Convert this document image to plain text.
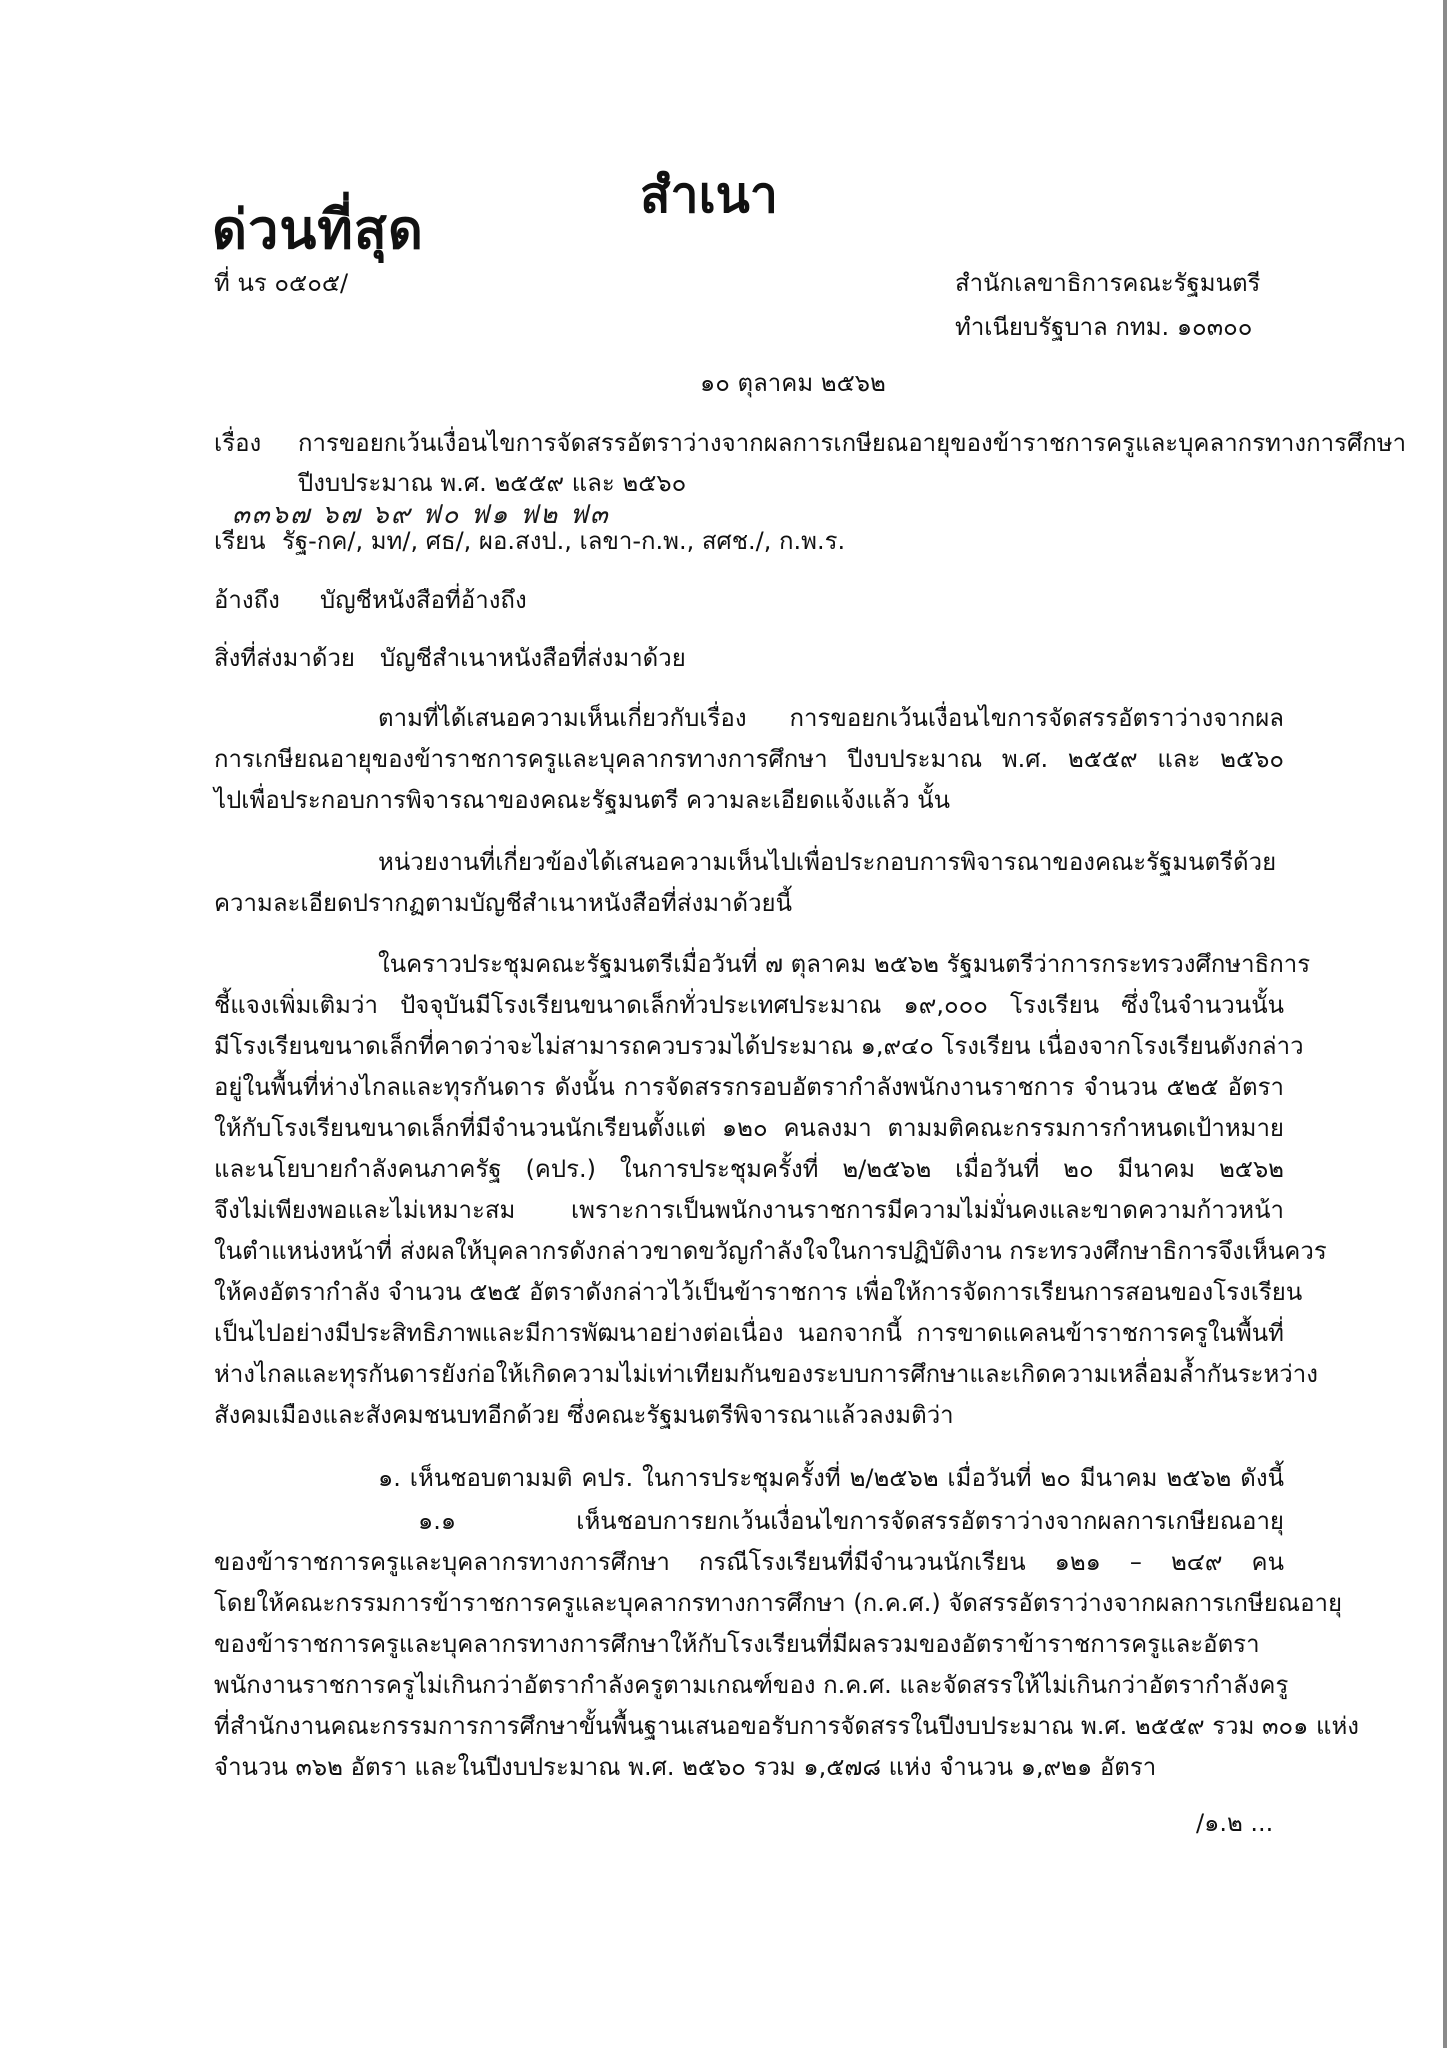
ด่วนที่สุด
สำเนา
ที่ นร ๐๕๐๕/	สำนักเลขาธิการคณะรัฐมนตรี
ทำเนียบรัฐบาล กทม. ๑๐๓๐๐
๑๐ ตุลาคม ๒๕๖๒
เรื่อง การขอยกเว้นเงื่อนไขการจัดสรรอัตราว่างจากผลการเกษียณอายุของข้าราชการครูและบุคลากรทางการศึกษา
ปีงบประมาณ พ.ศ. ๒๕๕๙ และ ๒๕๖๐
๓๓๖๗ ๖๗ ๖๙ ฟ๐ ฟ๑ ฟ๒ ฟ๓
เรียน รัฐ-กค/, มท/, ศธ/, ผอ.สงป., เลขา-ก.พ., สศช./, ก.พ.ร.
อ้างถึง บัญชีหนังสือที่อ้างถึง
สิ่งที่ส่งมาด้วย บัญชีสำเนาหนังสือที่ส่งมาด้วย
ตามที่ได้เสนอความเห็นเกี่ยวกับเรื่อง การขอยกเว้นเงื่อนไขการจัดสรรอัตราว่างจากผล
การเกษียณอายุของข้าราชการครูและบุคลากรทางการศึกษา ปีงบประมาณ พ.ศ. ๒๕๕๙ และ ๒๕๖๐
ไปเพื่อประกอบการพิจารณาของคณะรัฐมนตรี ความละเอียดแจ้งแล้ว นั้น
หน่วยงานที่เกี่ยวข้องได้เสนอความเห็นไปเพื่อประกอบการพิจารณาของคณะรัฐมนตรีด้วย
ความละเอียดปรากฏตามบัญชีสำเนาหนังสือที่ส่งมาด้วยนี้
ในคราวประชุมคณะรัฐมนตรีเมื่อวันที่ ๗ ตุลาคม ๒๕๖๒ รัฐมนตรีว่าการกระทรวงศึกษาธิการ
ชี้แจงเพิ่มเติมว่า ปัจจุบันมีโรงเรียนขนาดเล็กทั่วประเทศประมาณ ๑๙,๐๐๐ โรงเรียน ซึ่งในจำนวนนั้น
มีโรงเรียนขนาดเล็กที่คาดว่าจะไม่สามารถควบรวมได้ประมาณ ๑,๙๔๐ โรงเรียน เนื่องจากโรงเรียนดังกล่าว
อยู่ในพื้นที่ห่างไกลและทุรกันดาร ดังนั้น การจัดสรรกรอบอัตรากำลังพนักงานราชการ จำนวน ๕๒๕ อัตรา
ให้กับโรงเรียนขนาดเล็กที่มีจำนวนนักเรียนตั้งแต่ ๑๒๐ คนลงมา ตามมติคณะกรรมการกำหนดเป้าหมาย
และนโยบายกำลังคนภาครัฐ (คปร.) ในการประชุมครั้งที่ ๒/๒๕๖๒ เมื่อวันที่ ๒๐ มีนาคม ๒๕๖๒
จึงไม่เพียงพอและไม่เหมาะสม เพราะการเป็นพนักงานราชการมีความไม่มั่นคงและขาดความก้าวหน้า
ในตำแหน่งหน้าที่ ส่งผลให้บุคลากรดังกล่าวขาดขวัญกำลังใจในการปฏิบัติงาน กระทรวงศึกษาธิการจึงเห็นควร
ให้คงอัตรากำลัง จำนวน ๕๒๕ อัตราดังกล่าวไว้เป็นข้าราชการ เพื่อให้การจัดการเรียนการสอนของโรงเรียน
เป็นไปอย่างมีประสิทธิภาพและมีการพัฒนาอย่างต่อเนื่อง นอกจากนี้ การขาดแคลนข้าราชการครูในพื้นที่
ห่างไกลและทุรกันดารยังก่อให้เกิดความไม่เท่าเทียมกันของระบบการศึกษาและเกิดความเหลื่อมล้ำกันระหว่าง
สังคมเมืองและสังคมชนบทอีกด้วย ซึ่งคณะรัฐมนตรีพิจารณาแล้วลงมติว่า
๑. เห็นชอบตามมติ คปร. ในการประชุมครั้งที่ ๒/๒๕๖๒ เมื่อวันที่ ๒๐ มีนาคม ๒๕๖๒ ดังนี้
๑.๑ เห็นชอบการยกเว้นเงื่อนไขการจัดสรรอัตราว่างจากผลการเกษียณอายุ
ของข้าราชการครูและบุคลากรทางการศึกษา กรณีโรงเรียนที่มีจำนวนนักเรียน ๑๒๑ – ๒๔๙ คน
โดยให้คณะกรรมการข้าราชการครูและบุคลากรทางการศึกษา (ก.ค.ศ.) จัดสรรอัตราว่างจากผลการเกษียณอายุ
ของข้าราชการครูและบุคลากรทางการศึกษาให้กับโรงเรียนที่มีผลรวมของอัตราข้าราชการครูและอัตรา
พนักงานราชการครูไม่เกินกว่าอัตรากำลังครูตามเกณฑ์ของ ก.ค.ศ. และจัดสรรให้ไม่เกินกว่าอัตรากำลังครู
ที่สำนักงานคณะกรรมการการศึกษาขั้นพื้นฐานเสนอขอรับการจัดสรรในปีงบประมาณ พ.ศ. ๒๕๕๙ รวม ๓๐๑ แห่ง
จำนวน ๓๖๒ อัตรา และในปีงบประมาณ พ.ศ. ๒๕๖๐ รวม ๑,๕๗๘ แห่ง จำนวน ๑,๙๒๑ อัตรา
/๑.๒ ...
